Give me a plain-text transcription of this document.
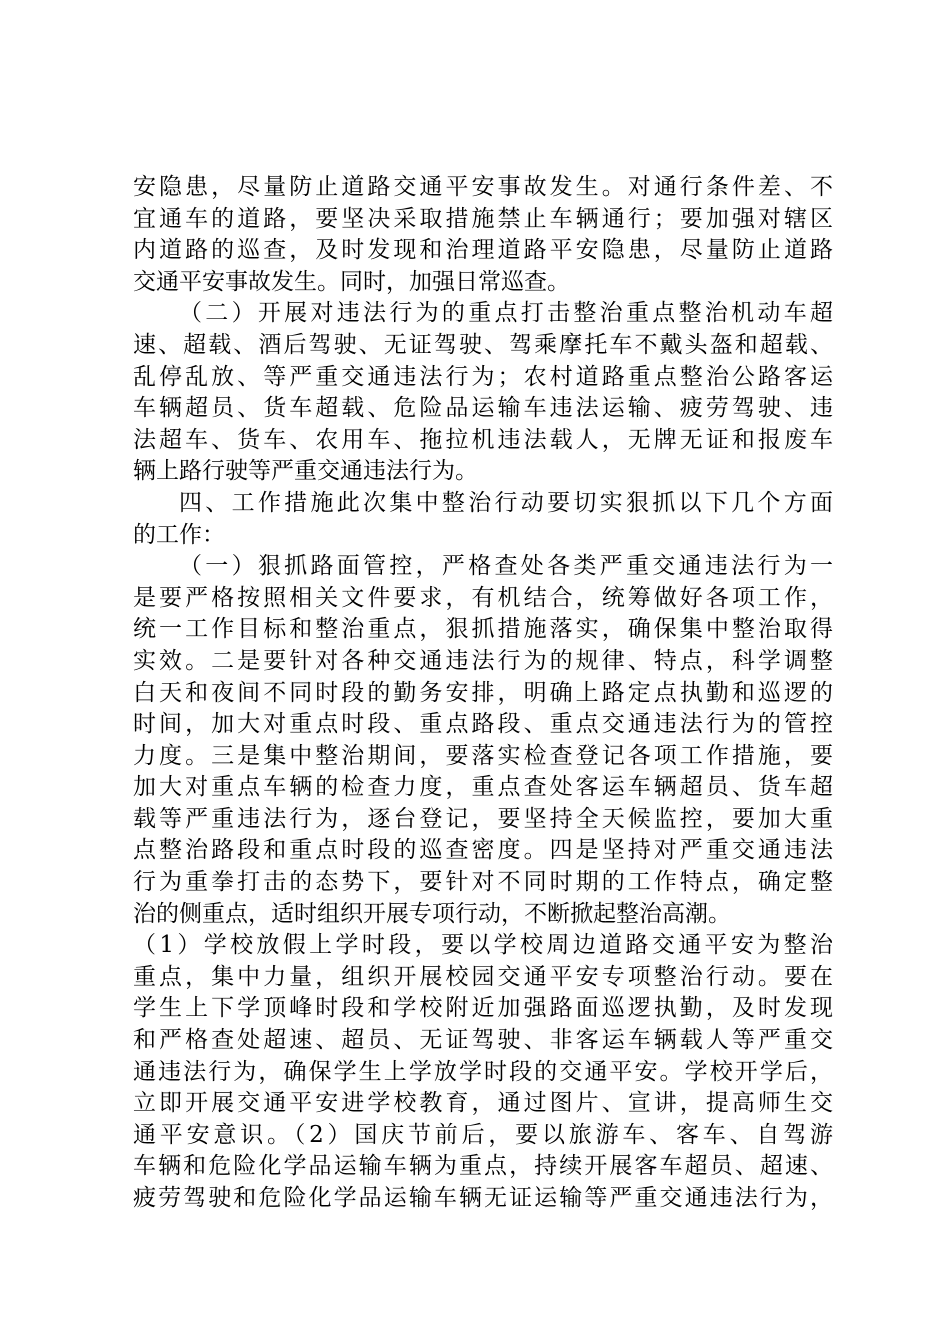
安隐患，尽量防止道路交通平安事故发生。对通行条件差、不
宜通车的道路，要坚决采取措施禁止车辆通行；要加强对辖区
内道路的巡查，及时发现和治理道路平安隐患，尽量防止道路
交通平安事故发生。同时，加强日常巡查。
（二）开展对违法行为的重点打击整治重点整治机动车超
速、超载、酒后驾驶、无证驾驶、驾乘摩托车不戴头盔和超载、
乱停乱放、等严重交通违法行为；农村道路重点整治公路客运
车辆超员、货车超载、危险品运输车违法运输、疲劳驾驶、违
法超车、货车、农用车、拖拉机违法载人，无牌无证和报废车
辆上路行驶等严重交通违法行为。
四、工作措施此次集中整治行动要切实狠抓以下几个方面
的工作：
（一）狠抓路面管控，严格查处各类严重交通违法行为一
是要严格按照相关文件要求，有机结合，统筹做好各项工作，
统一工作目标和整治重点，狠抓措施落实，确保集中整治取得
实效。二是要针对各种交通违法行为的规律、特点，科学调整
白天和夜间不同时段的勤务安排，明确上路定点执勤和巡逻的
时间，加大对重点时段、重点路段、重点交通违法行为的管控
力度。三是集中整治期间，要落实检查登记各项工作措施，要
加大对重点车辆的检查力度，重点查处客运车辆超员、货车超
载等严重违法行为，逐台登记，要坚持全天候监控，要加大重
点整治路段和重点时段的巡查密度。四是坚持对严重交通违法
行为重拳打击的态势下，要针对不同时期的工作特点，确定整
治的侧重点，适时组织开展专项行动，不断掀起整治高潮。
（1）学校放假上学时段，要以学校周边道路交通平安为整治
重点，集中力量，组织开展校园交通平安专项整治行动。要在
学生上下学顶峰时段和学校附近加强路面巡逻执勤，及时发现
和严格查处超速、超员、无证驾驶、非客运车辆载人等严重交
通违法行为，确保学生上学放学时段的交通平安。学校开学后，
立即开展交通平安进学校教育，通过图片、宣讲，提高师生交
通平安意识。（2）国庆节前后，要以旅游车、客车、自驾游
车辆和危险化学品运输车辆为重点，持续开展客车超员、超速、
疲劳驾驶和危险化学品运输车辆无证运输等严重交通违法行为，
